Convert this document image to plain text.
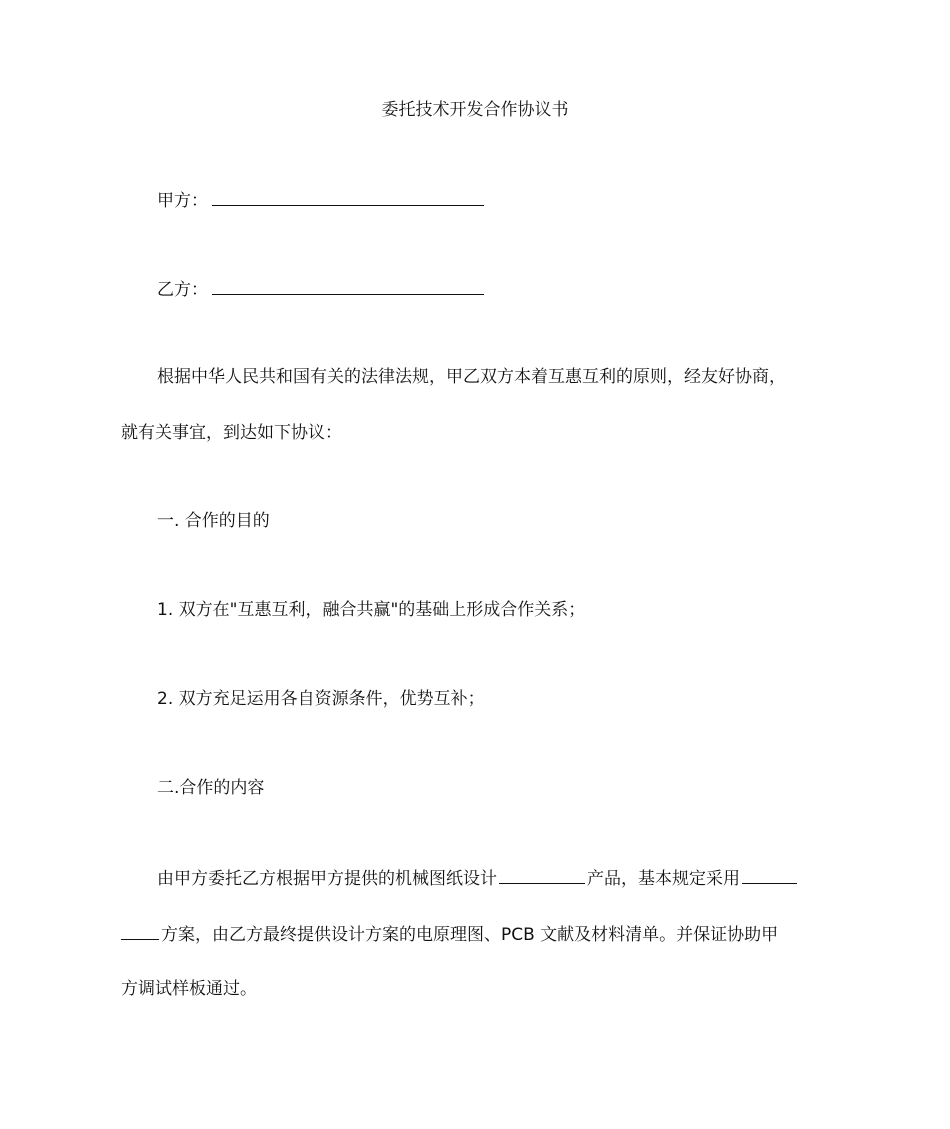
委托技术开发合作协议书
甲方：
乙方：
根据中华人民共和国有关的法律法规，甲乙双方本着互惠互利的原则，经友好协商，
就有关事宜，到达如下协议：
一. 合作的目的
1. 双方在"互惠互利，融合共赢"的基础上形成合作关系；
2. 双方充足运用各自资源条件，优势互补；
二.合作的内容
由甲方委托乙方根据甲方提供的机械图纸设计	产品，基本规定采用
方案，由乙方最终提供设计方案的电原理图、PCB 文献及材料清单。并保证协助甲
方调试样板通过。
